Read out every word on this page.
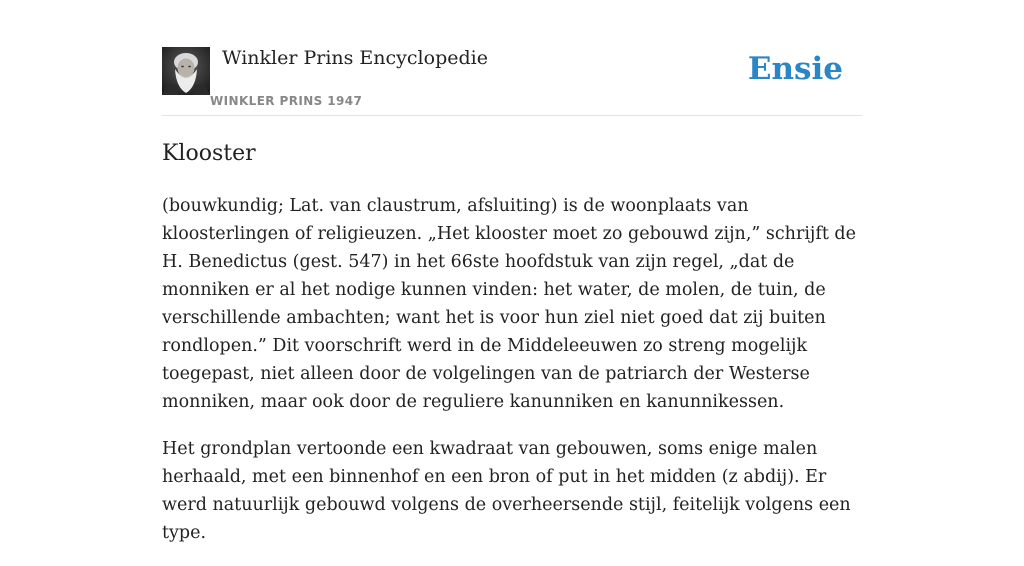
Winkler Prins Encyclopedie
WINKLER PRINS 1947
Ensie
Klooster

(bouwkundig; Lat. van claustrum, afsluiting) is de woonplaats van kloosterlingen of religieuzen. „Het klooster moet zo gebouwd zijn,” schrijft de H. Benedictus (gest. 547) in het 66ste hoofdstuk van zijn regel, „dat de monniken er al het nodige kunnen vinden: het water, de molen, de tuin, de verschillende ambachten; want het is voor hun ziel niet goed dat zij buiten rondlopen.” Dit voorschrift werd in de Middeleeuwen zo streng mogelijk toegepast, niet alleen door de volgelingen van de patriarch der Westerse monniken, maar ook door de reguliere kanunniken en kanunnikessen.

Het grondplan vertoonde een kwadraat van gebouwen, soms enige malen herhaald, met een binnenhof en een bron of put in het midden (z abdij). Er werd natuurlijk gebouwd volgens de overheersende stijl, feitelijk volgens een type.
